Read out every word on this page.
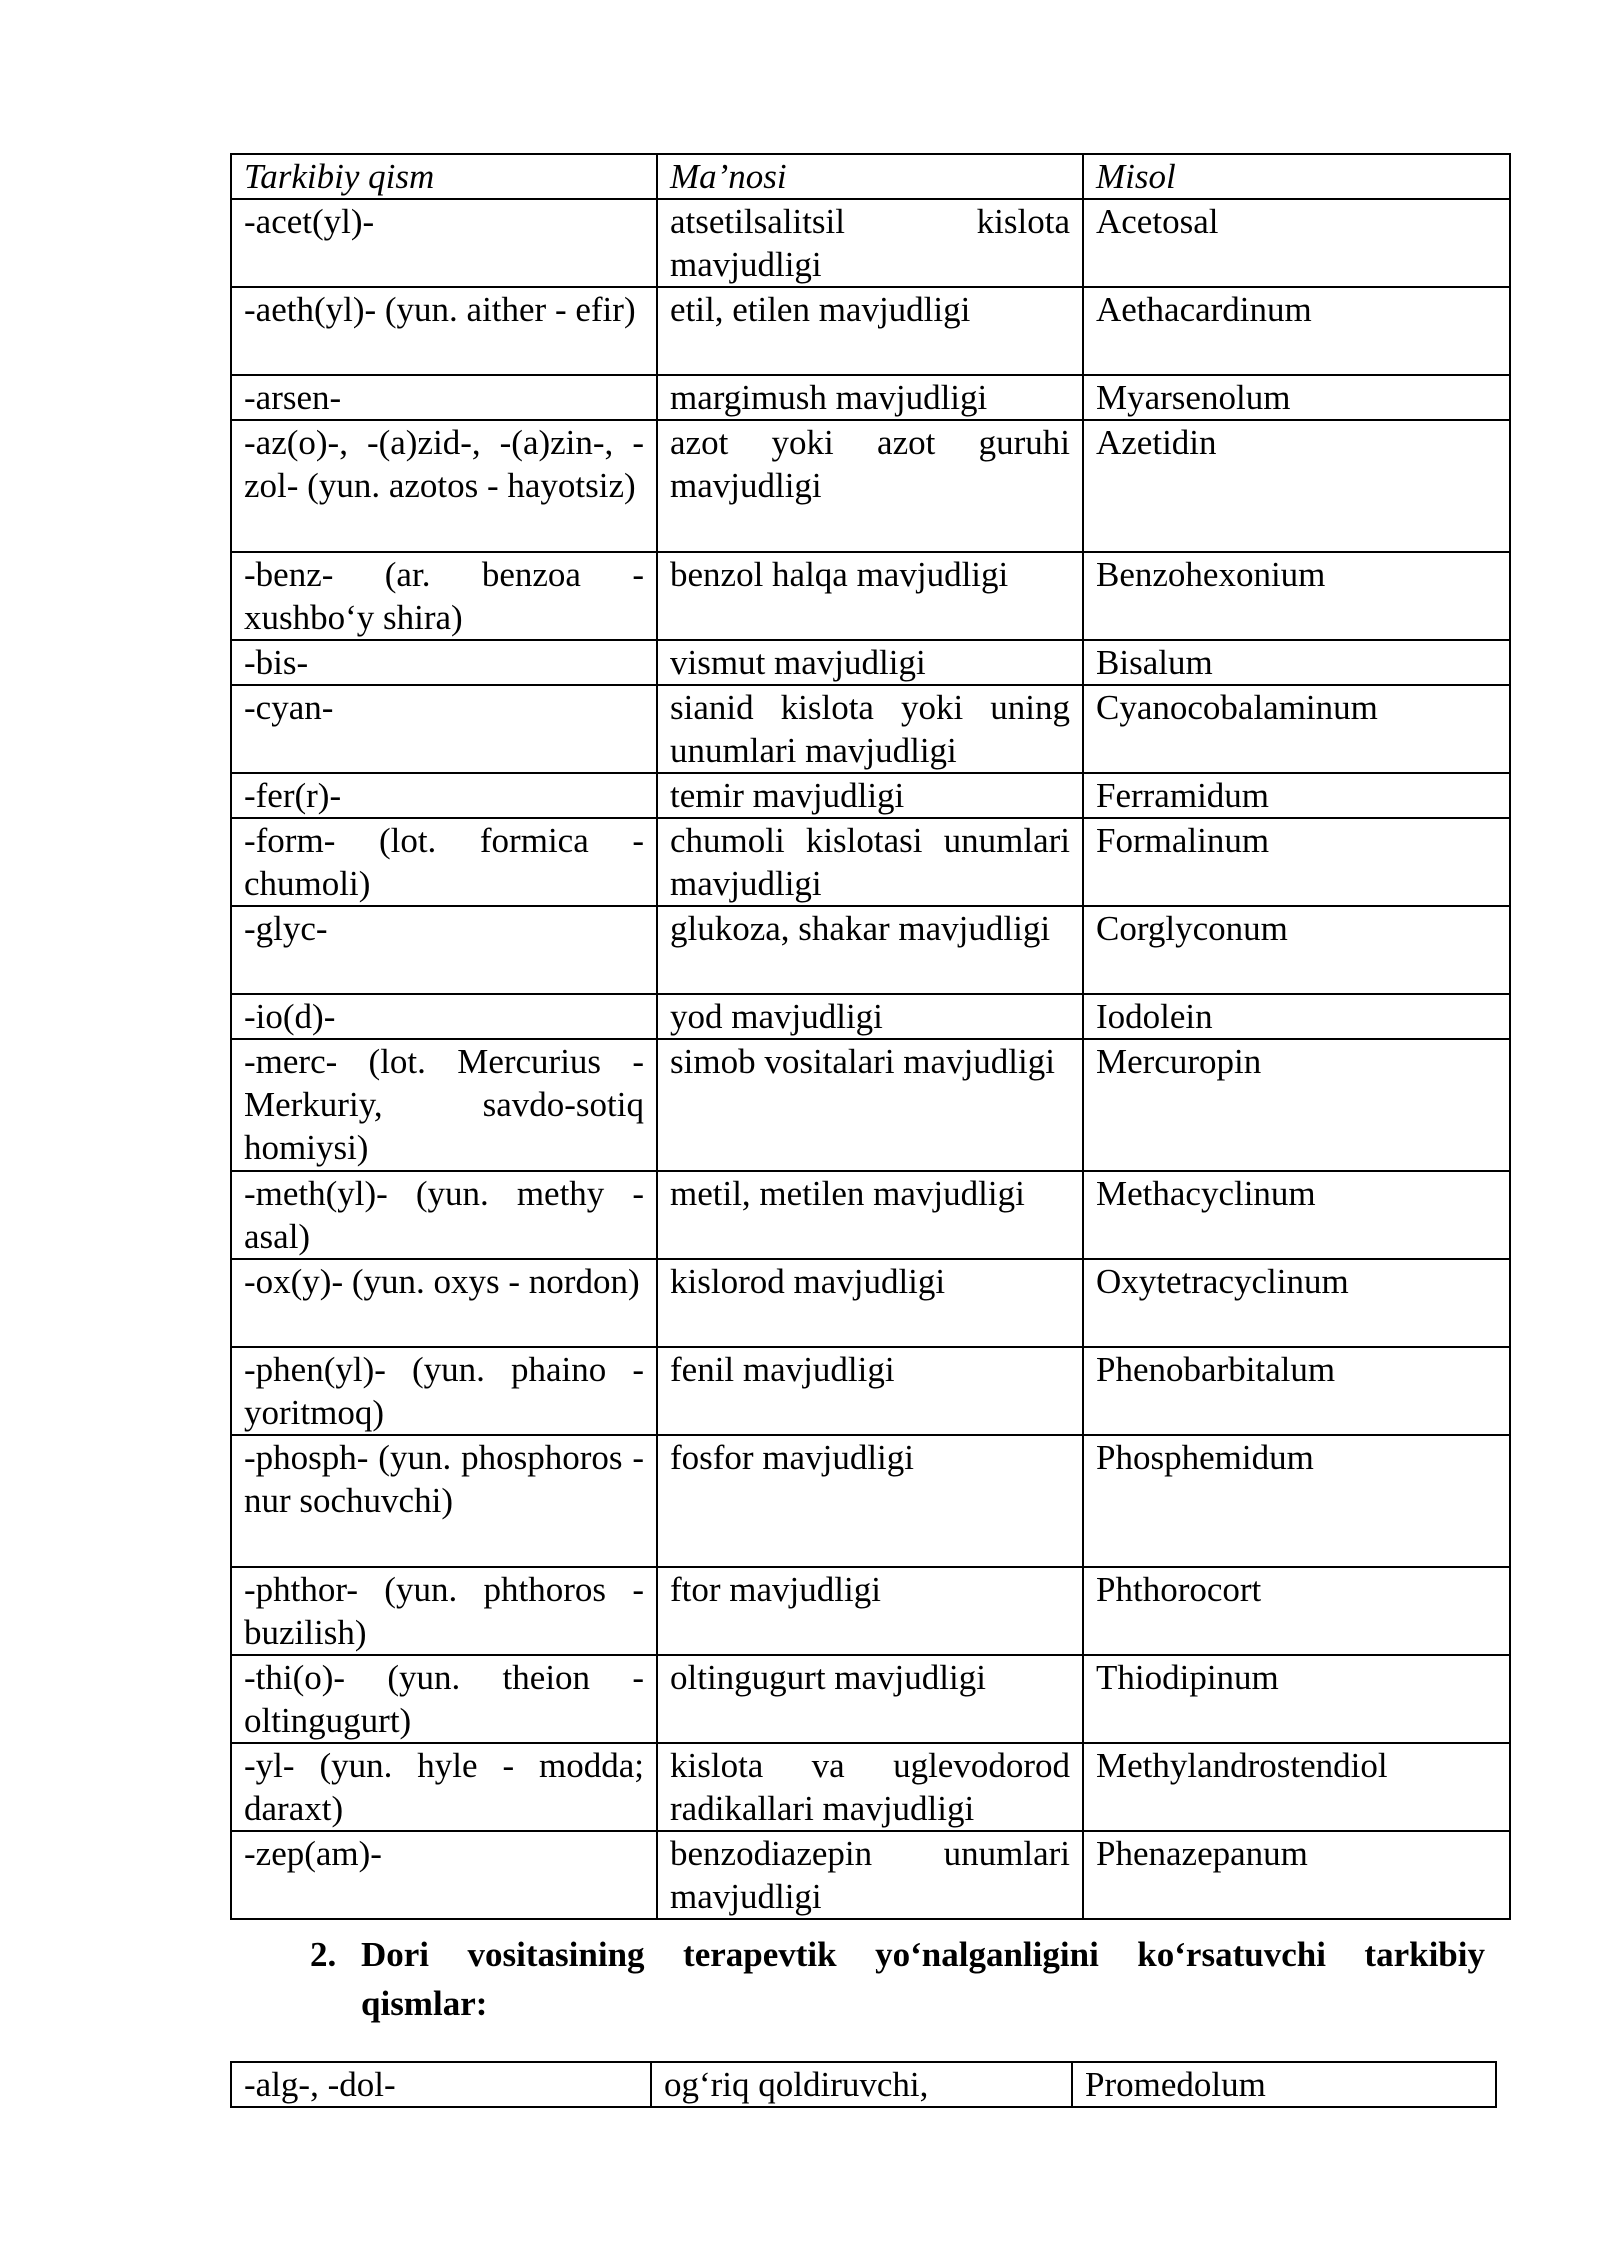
Tarkibiy qism	Ma’nosi	Misol
-acet(yl)-	atsetilsalitsil kislota mavjudligi	Acetosal
-aeth(yl)- (yun. aither - efir)	etil, etilen mavjudligi	Aethacardinum
-arsen-	margimush mavjudligi	Myarsenolum
-az(o)-, -(a)zid-, -(a)zin-, -zol- (yun. azotos - hayotsiz)	azot yoki azot guruhi mavjudligi	Azetidin
-benz- (ar. benzoa - xushbo‘y shira)	benzol halqa mavjudligi	Benzohexonium
-bis-	vismut mavjudligi	Bisalum
-cyan-	sianid kislota yoki uning unumlari mavjudligi	Cyanocobalaminum
-fer(r)-	temir mavjudligi	Ferramidum
-form- (lot. formica - chumoli)	chumoli kislotasi unumlari mavjudligi	Formalinum
-glyc-	glukoza, shakar mavjudligi	Corglyconum
-io(d)-	yod mavjudligi	Iodolein
-merc- (lot. Mercurius - Merkuriy, savdo-sotiq homiysi)	simob vositalari mavjudligi	Mercuropin
-meth(yl)- (yun. methy - asal)	metil, metilen mavjudligi	Methacyclinum
-ox(y)- (yun. oxys - nordon)	kislorod mavjudligi	Oxytetracyclinum
-phen(yl)- (yun. phaino - yoritmoq)	fenil mavjudligi	Phenobarbitalum
-phosph- (yun. phosphoros - nur sochuvchi)	fosfor mavjudligi	Phosphemidum
-phthor- (yun. phthoros - buzilish)	ftor mavjudligi	Phthorocort
-thi(o)- (yun. theion - oltingugurt)	oltingugurt mavjudligi	Thiodipinum
-yl- (yun. hyle - modda; daraxt)	kislota va uglevodorod radikallari mavjudligi	Methylandrostendiol
-zep(am)-	benzodiazepin unumlari mavjudligi	Phenazepanum
2. Dori vositasining terapevtik yo‘nalganligini ko‘rsatuvchi tarkibiy
qismlar:
-alg-, -dol-	og‘riq qoldiruvchi,	Promedolum
